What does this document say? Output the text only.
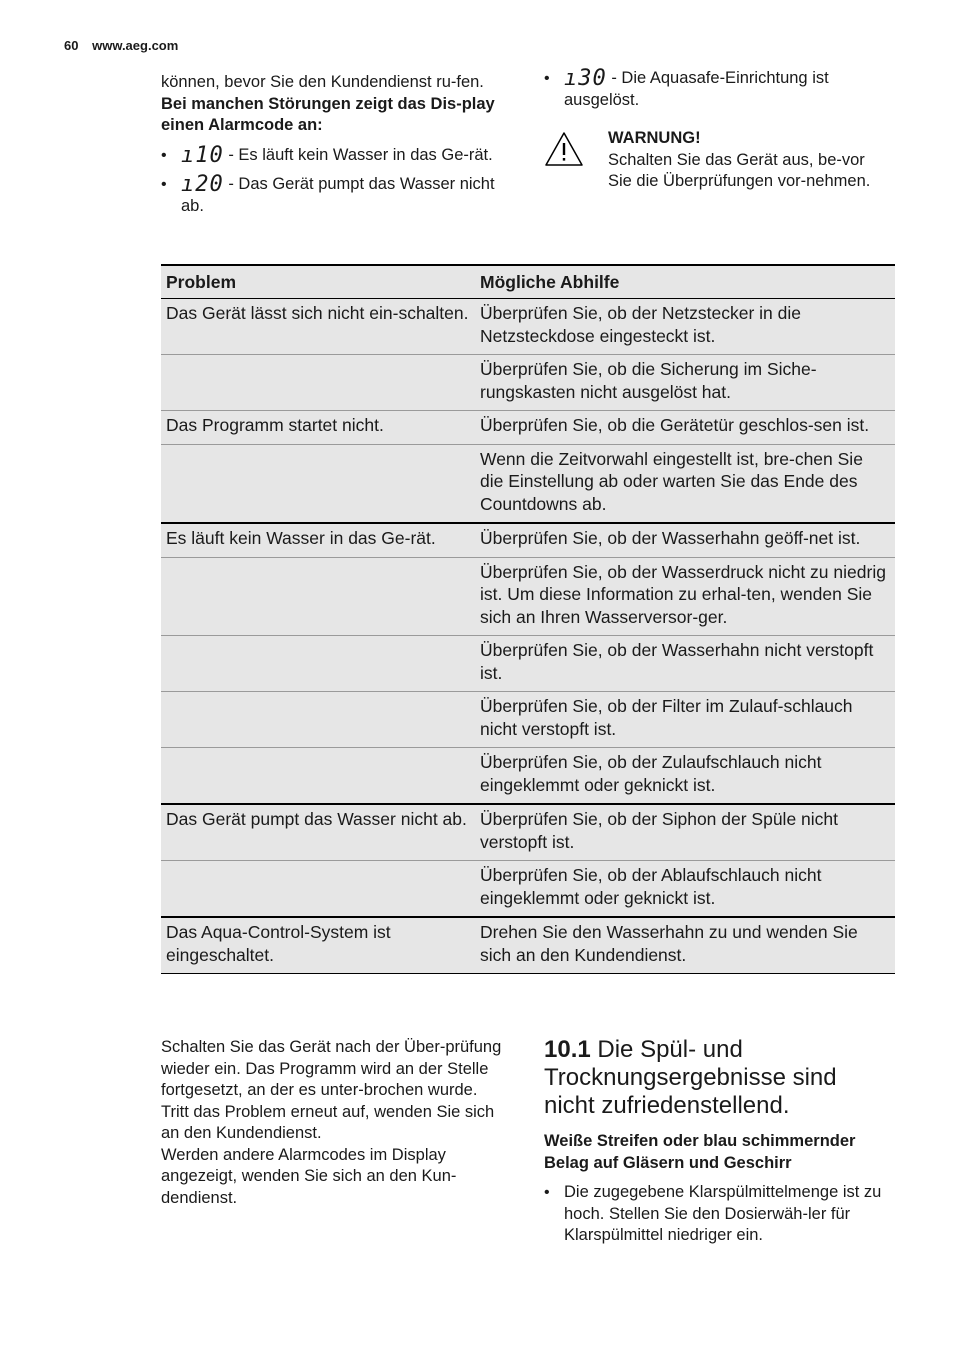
60 www.aeg.com

können, bevor Sie den Kundendienst ru-fen.

Bei manchen Störungen zeigt das Dis-play einen Alarmcode an:

• ı10 - Es läuft kein Wasser in das Ge-rät.
• ı20 - Das Gerät pumpt das Wasser nicht ab.
• ı30 - Die Aquasafe-Einrichtung ist ausgelöst.

WARNUNG!

Schalten Sie das Gerät aus, be-vor Sie die Überprüfungen vor-nehmen.

Problem	Mögliche Abhilfe
Das Gerät lässt sich nicht ein-schalten.	Überprüfen Sie, ob der Netzstecker in die Netzsteckdose eingesteckt ist.
	Überprüfen Sie, ob die Sicherung im Siche-rungskasten nicht ausgelöst hat.
Das Programm startet nicht.	Überprüfen Sie, ob die Gerätetür geschlos-sen ist.
	Wenn die Zeitvorwahl eingestellt ist, bre-chen Sie die Einstellung ab oder warten Sie das Ende des Countdowns ab.
Es läuft kein Wasser in das Ge-rät.	Überprüfen Sie, ob der Wasserhahn geöff-net ist.
	Überprüfen Sie, ob der Wasserdruck nicht zu niedrig ist. Um diese Information zu erhal-ten, wenden Sie sich an Ihren Wasserversor-ger.
	Überprüfen Sie, ob der Wasserhahn nicht verstopft ist.
	Überprüfen Sie, ob der Filter im Zulauf-schlauch nicht verstopft ist.
	Überprüfen Sie, ob der Zulaufschlauch nicht eingeklemmt oder geknickt ist.
Das Gerät pumpt das Wasser nicht ab.	Überprüfen Sie, ob der Siphon der Spüle nicht verstopft ist.
	Überprüfen Sie, ob der Ablaufschlauch nicht eingeklemmt oder geknickt ist.
Das Aqua-Control-System ist eingeschaltet.	Drehen Sie den Wasserhahn zu und wenden Sie sich an den Kundendienst.

Schalten Sie das Gerät nach der Über-prüfung wieder ein. Das Programm wird an der Stelle fortgesetzt, an der es unter-brochen wurde.

Tritt das Problem erneut auf, wenden Sie sich an den Kundendienst.

Werden andere Alarmcodes im Display angezeigt, wenden Sie sich an den Kun-dendienst.

10.1 Die Spül- und Trocknungsergebnisse sind nicht zufriedenstellend.

Weiße Streifen oder blau schimmernder Belag auf Gläsern und Geschirr

• Die zugegebene Klarspülmittelmenge ist zu hoch. Stellen Sie den Dosierwäh-ler für Klarspülmittel niedriger ein.
